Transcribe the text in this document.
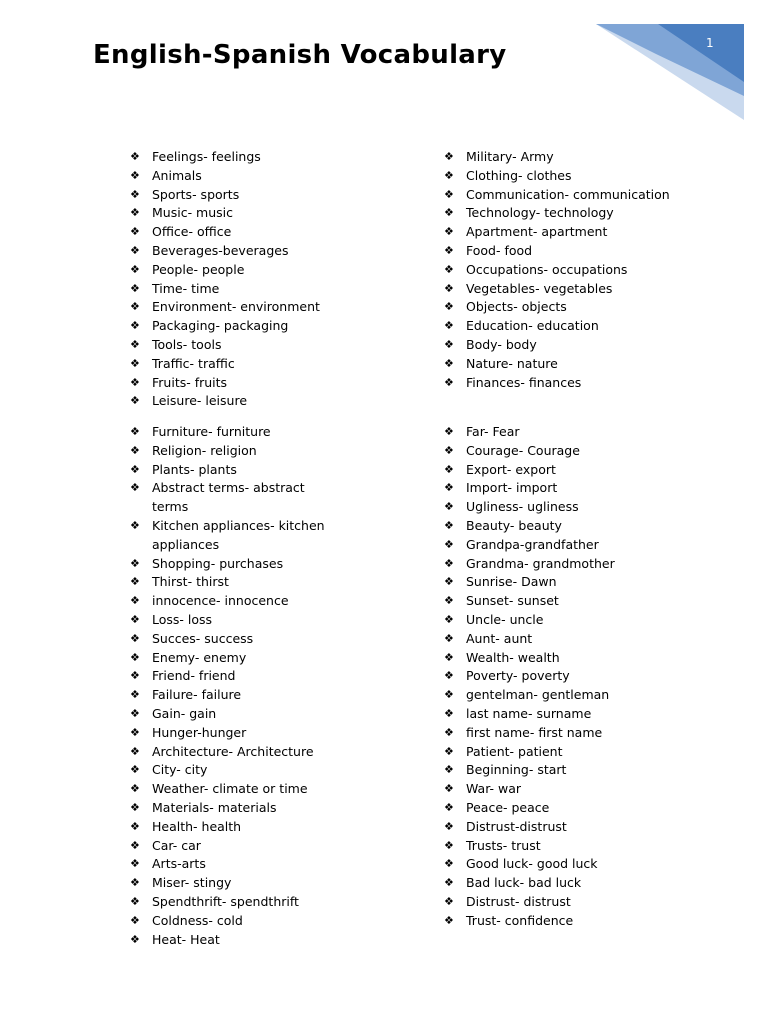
English-Spanish Vocabulary	1
❖ Feelings- feelings
❖ Animals
❖ Sports- sports
❖ Music- music
❖ Office- office
❖ Beverages-beverages
❖ People- people
❖ Time- time
❖ Environment- environment
❖ Packaging- packaging
❖ Tools- tools
❖ Traffic- traffic
❖ Fruits- fruits
❖ Leisure- leisure
❖ Military- Army
❖ Clothing- clothes
❖ Communication- communication
❖ Technology- technology
❖ Apartment- apartment
❖ Food- food
❖ Occupations- occupations
❖ Vegetables- vegetables
❖ Objects- objects
❖ Education- education
❖ Body- body
❖ Nature- nature
❖ Finances- finances
❖ Furniture- furniture
❖ Religion- religion
❖ Plants- plants
❖ Abstract terms- abstract terms
❖ Kitchen appliances- kitchen appliances
❖ Shopping- purchases
❖ Thirst- thirst
❖ innocence- innocence
❖ Loss- loss
❖ Succes- success
❖ Enemy- enemy
❖ Friend- friend
❖ Failure- failure
❖ Gain- gain
❖ Hunger-hunger
❖ Architecture- Architecture
❖ City- city
❖ Weather- climate or time
❖ Materials- materials
❖ Health- health
❖ Car- car
❖ Arts-arts
❖ Miser- stingy
❖ Spendthrift- spendthrift
❖ Coldness- cold
❖ Heat- Heat
❖ Far- Fear
❖ Courage- Courage
❖ Export- export
❖ Import- import
❖ Ugliness- ugliness
❖ Beauty- beauty
❖ Grandpa-grandfather
❖ Grandma- grandmother
❖ Sunrise- Dawn
❖ Sunset- sunset
❖ Uncle- uncle
❖ Aunt- aunt
❖ Wealth- wealth
❖ Poverty- poverty
❖ gentelman- gentleman
❖ last name- surname
❖ first name- first name
❖ Patient- patient
❖ Beginning- start
❖ War- war
❖ Peace- peace
❖ Distrust-distrust
❖ Trusts- trust
❖ Good luck- good luck
❖ Bad luck- bad luck
❖ Distrust- distrust
❖ Trust- confidence
